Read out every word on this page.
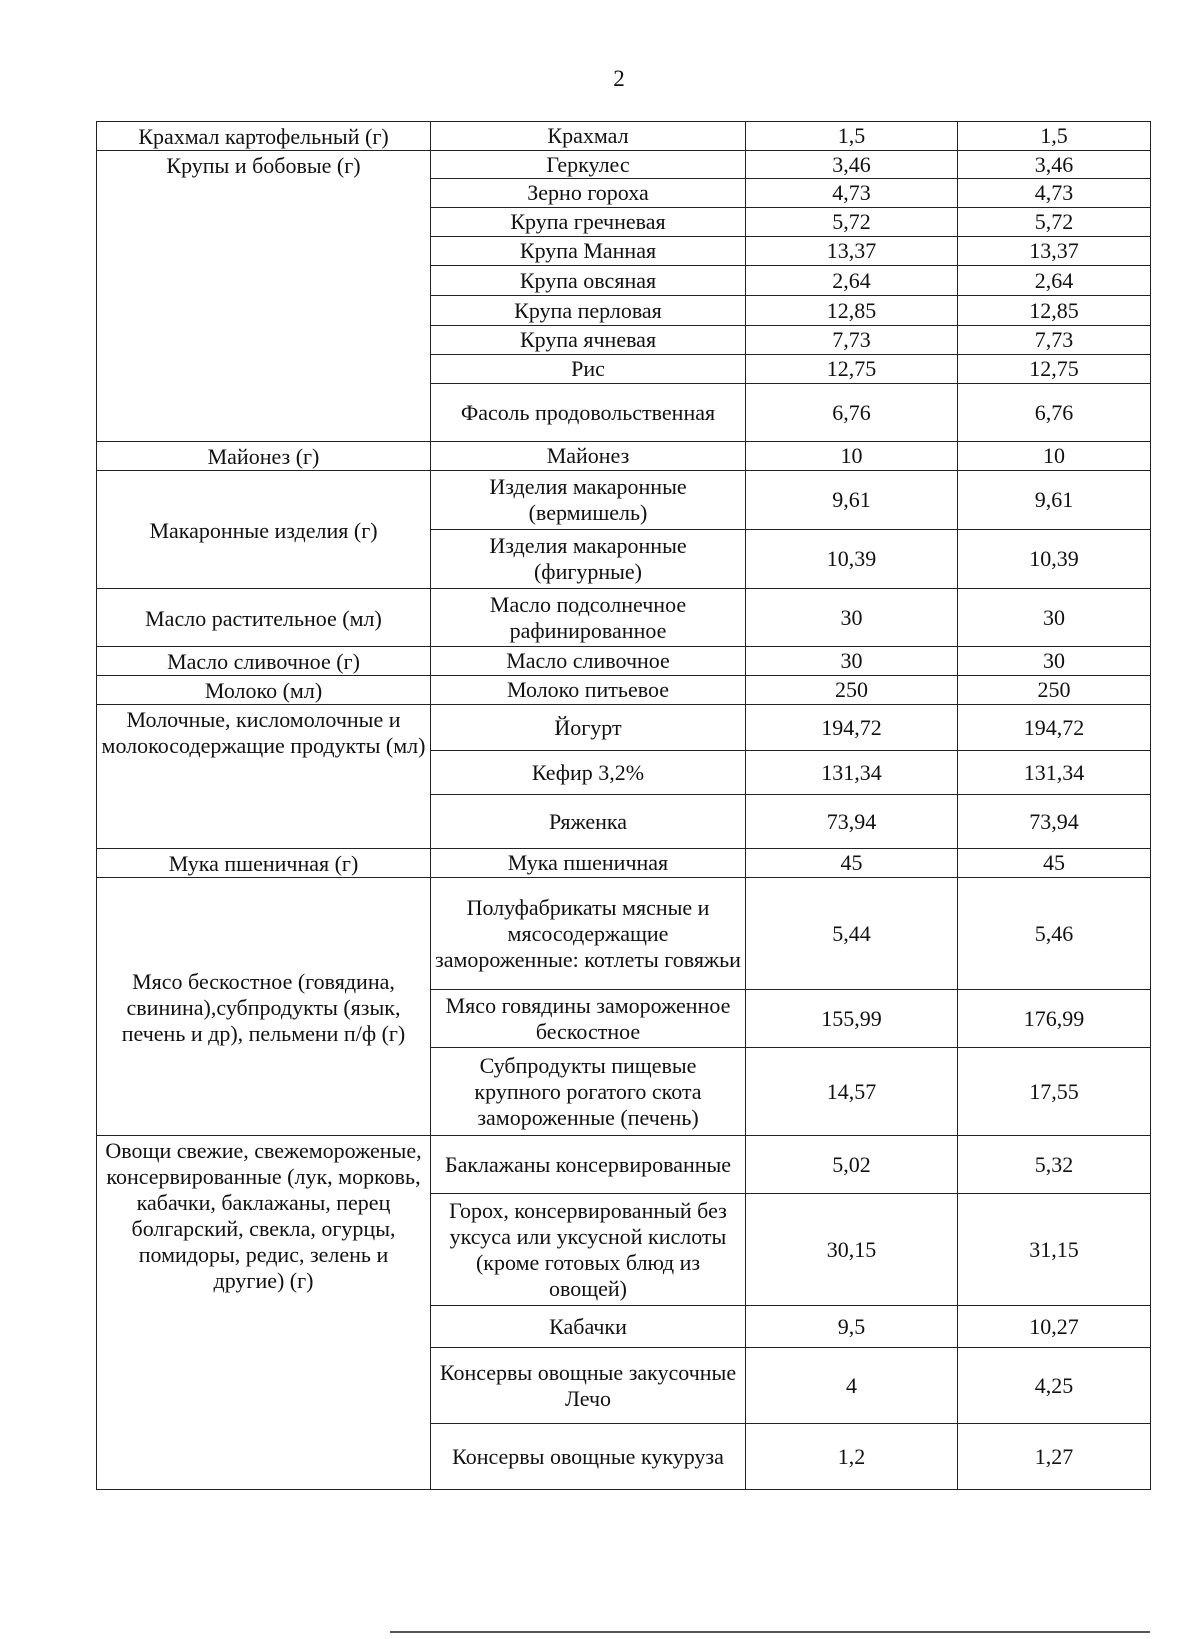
2
Крахмал картофельный (г)	Крахмал	1,5	1,5
Крупы и бобовые (г)	Геркулес	3,46	3,46
	Зерно гороха	4,73	4,73
	Крупа гречневая	5,72	5,72
	Крупа Манная	13,37	13,37
	Крупа овсяная	2,64	2,64
	Крупа перловая	12,85	12,85
	Крупа ячневая	7,73	7,73
	Рис	12,75	12,75
	Фасоль продовольственная	6,76	6,76
Майонез (г)	Майонез	10	10
Макаронные изделия (г)	Изделия макаронные (вермишель)	9,61	9,61
	Изделия макаронные (фигурные)	10,39	10,39
Масло растительное (мл)	Масло подсолнечное рафинированное	30	30
Масло сливочное (г)	Масло сливочное	30	30
Молоко (мл)	Молоко питьевое	250	250
Молочные, кисломолочные и молокосодержащие продукты (мл)	Йогурт	194,72	194,72
	Кефир 3,2%	131,34	131,34
	Ряженка	73,94	73,94
Мука пшеничная (г)	Мука пшеничная	45	45
Мясо бескостное (говядина, свинина),субпродукты (язык, печень и др), пельмени п/ф (г)	Полуфабрикаты мясные и мясосодержащие замороженные: котлеты говяжьи	5,44	5,46
	Мясо говядины замороженное бескостное	155,99	176,99
	Субпродукты пищевые крупного рогатого скота замороженные (печень)	14,57	17,55
Овощи свежие, свежемороженые, консервированные (лук, морковь, кабачки, баклажаны, перец болгарский, свекла, огурцы, помидоры, редис, зелень и другие) (г)	Баклажаны консервированные	5,02	5,32
	Горох, консервированный без уксуса или уксусной кислоты (кроме готовых блюд из овощей)	30,15	31,15
	Кабачки	9,5	10,27
	Консервы овощные закусочные Лечо	4	4,25
	Консервы овощные кукуруза	1,2	1,27
